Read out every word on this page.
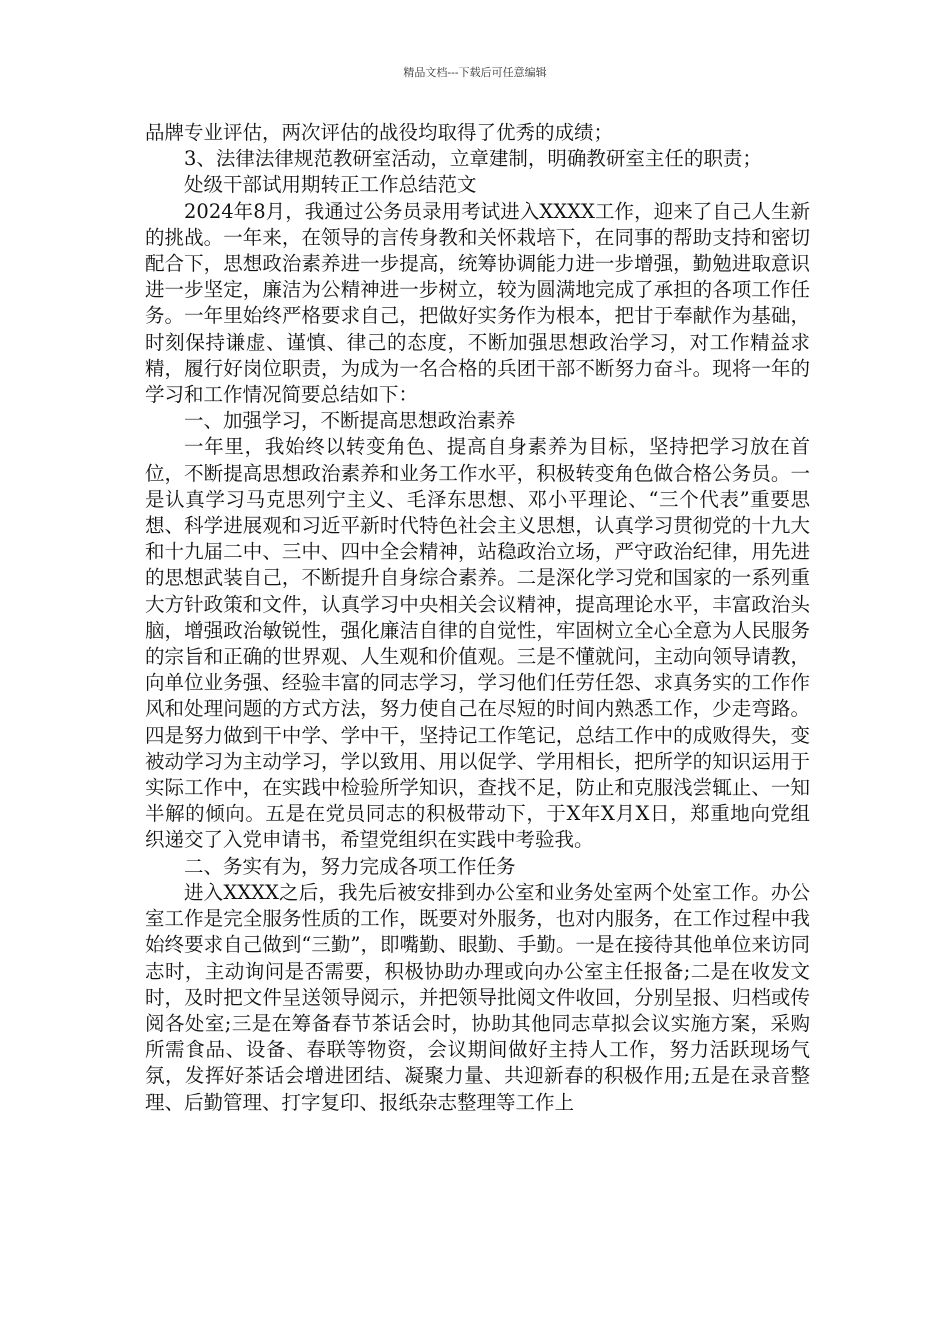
精品文档---下载后可任意编辑

品牌专业评估，两次评估的战役均取得了优秀的成绩；

3、法律法律规范教研室活动，立章建制，明确教研室主任的职责；

处级干部试用期转正工作总结范文

2024年8月，我通过公务员录用考试进入XXXX工作，迎来了自己人生新的挑战。一年来，在领导的言传身教和关怀栽培下，在同事的帮助支持和密切配合下，思想政治素养进一步提高，统筹协调能力进一步增强，勤勉进取意识进一步坚定，廉洁为公精神进一步树立，较为圆满地完成了承担的各项工作任务。一年里始终严格要求自己，把做好实务作为根本，把甘于奉献作为基础，时刻保持谦虚、谨慎、律己的态度，不断加强思想政治学习，对工作精益求精，履行好岗位职责，为成为一名合格的兵团干部不断努力奋斗。现将一年的学习和工作情况简要总结如下：

一、加强学习，不断提高思想政治素养

一年里，我始终以转变角色、提高自身素养为目标，坚持把学习放在首位，不断提高思想政治素养和业务工作水平，积极转变角色做合格公务员。一是认真学习马克思列宁主义、毛泽东思想、邓小平理论、“三个代表”重要思想、科学进展观和习近平新时代特色社会主义思想，认真学习贯彻党的十九大和十九届二中、三中、四中全会精神，站稳政治立场，严守政治纪律，用先进的思想武装自己，不断提升自身综合素养。二是深化学习党和国家的一系列重大方针政策和文件，认真学习中央相关会议精神，提高理论水平，丰富政治头脑，增强政治敏锐性，强化廉洁自律的自觉性，牢固树立全心全意为人民服务的宗旨和正确的世界观、人生观和价值观。三是不懂就问，主动向领导请教，向单位业务强、经验丰富的同志学习，学习他们任劳任怨、求真务实的工作作风和处理问题的方式方法，努力使自己在尽短的时间内熟悉工作，少走弯路。四是努力做到干中学、学中干，坚持记工作笔记，总结工作中的成败得失，变被动学习为主动学习，学以致用、用以促学、学用相长，把所学的知识运用于实际工作中，在实践中检验所学知识，查找不足，防止和克服浅尝辄止、一知半解的倾向。五是在党员同志的积极带动下，于X年X月X日，郑重地向党组织递交了入党申请书，希望党组织在实践中考验我。

二、务实有为，努力完成各项工作任务

进入XXXX之后，我先后被安排到办公室和业务处室两个处室工作。办公室工作是完全服务性质的工作，既要对外服务，也对内服务，在工作过程中我始终要求自己做到“三勤”，即嘴勤、眼勤、手勤。一是在接待其他单位来访同志时，主动询问是否需要，积极协助办理或向办公室主任报备;二是在收发文时，及时把文件呈送领导阅示，并把领导批阅文件收回，分别呈报、归档或传阅各处室;三是在筹备春节茶话会时，协助其他同志草拟会议实施方案，采购所需食品、设备、春联等物资，会议期间做好主持人工作，努力活跃现场气氛，发挥好茶话会增进团结、凝聚力量、共迎新春的积极作用;五是在录音整理、后勤管理、打字复印、报纸杂志整理等工作上
